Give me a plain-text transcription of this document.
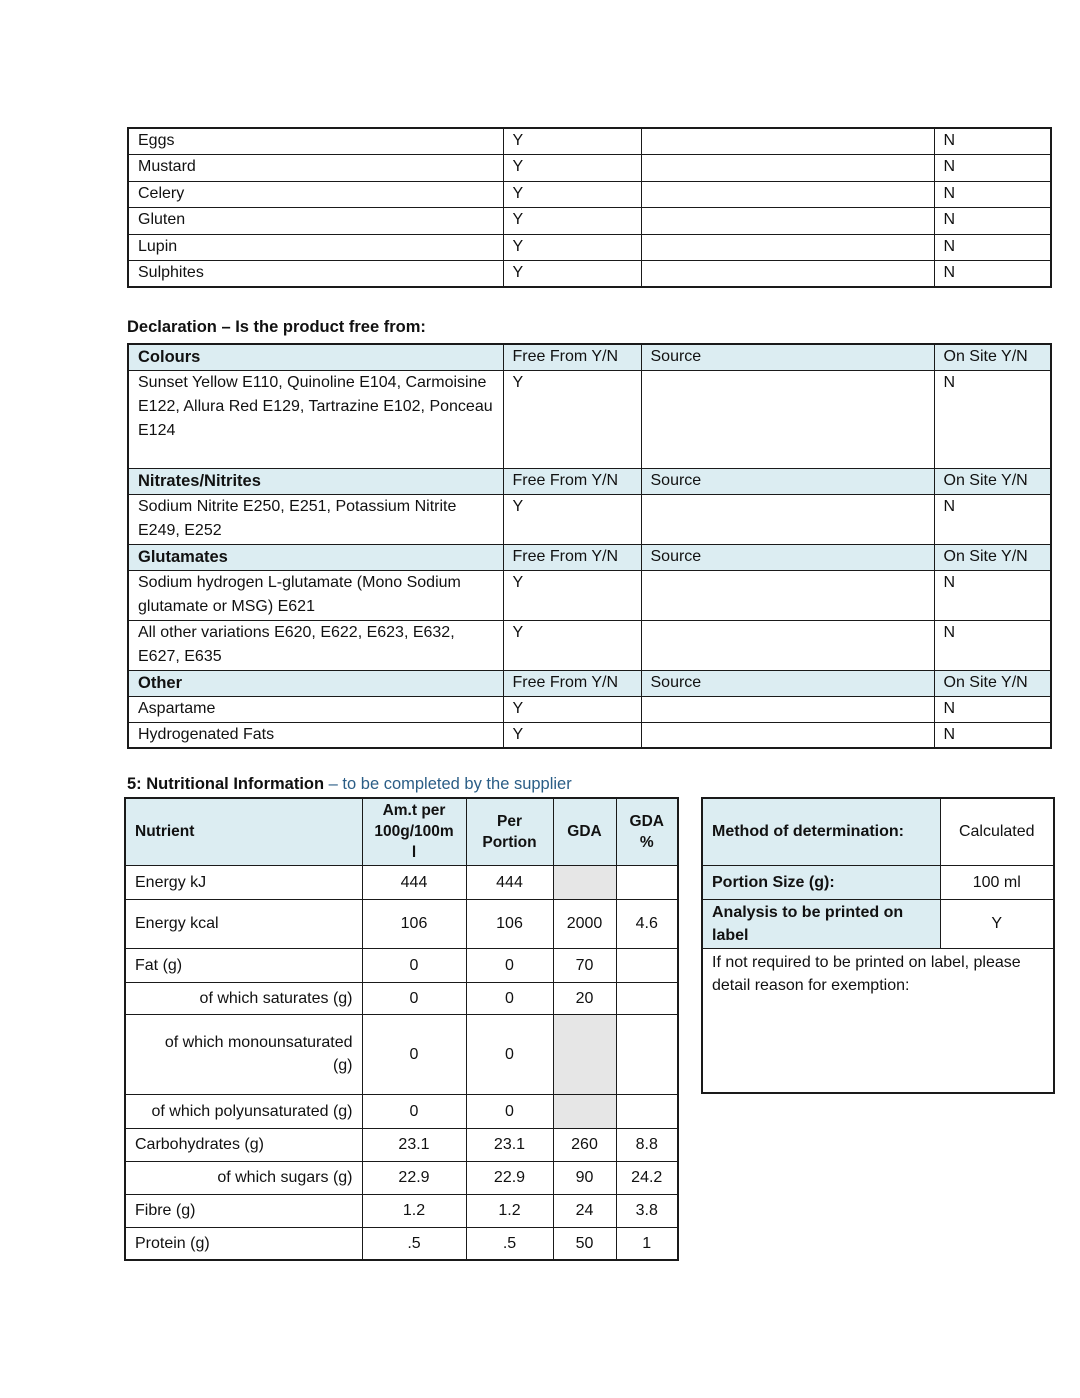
Eggs	Y		N
Mustard	Y		N
Celery	Y		N
Gluten	Y		N
Lupin	Y		N
Sulphites	Y		N
Declaration – Is the product free from:
Colours	Free From Y/N	Source	On Site Y/N
Sunset Yellow E110, Quinoline E104, Carmoisine E122, Allura Red E129, Tartrazine E102, Ponceau E124	Y		N
Nitrates/Nitrites	Free From Y/N	Source	On Site Y/N
Sodium Nitrite E250, E251, Potassium Nitrite E249, E252	Y		N
Glutamates	Free From Y/N	Source	On Site Y/N
Sodium hydrogen L-glutamate (Mono Sodium glutamate or MSG) E621	Y		N
All other variations E620, E622, E623, E632, E627, E635	Y		N
Other	Free From Y/N	Source	On Site Y/N
Aspartame	Y		N
Hydrogenated Fats	Y		N
5: Nutritional Information – to be completed by the supplier
Nutrient	Am.t per 100g/100m l	Per Portion	GDA	GDA %
Energy kJ	444	444		
Energy kcal	106	106	2000	4.6
Fat (g)	0	0	70	
of which saturates (g)	0	0	20	
of which monounsaturated (g)	0	0		
of which polyunsaturated (g)	0	0		
Carbohydrates (g)	23.1	23.1	260	8.8
of which sugars (g)	22.9	22.9	90	24.2
Fibre (g)	1.2	1.2	24	3.8
Protein (g)	.5	.5	50	1
Method of determination:	Calculated
Portion Size (g):	100 ml
Analysis to be printed on label	Y
If not required to be printed on label, please detail reason for exemption:	
